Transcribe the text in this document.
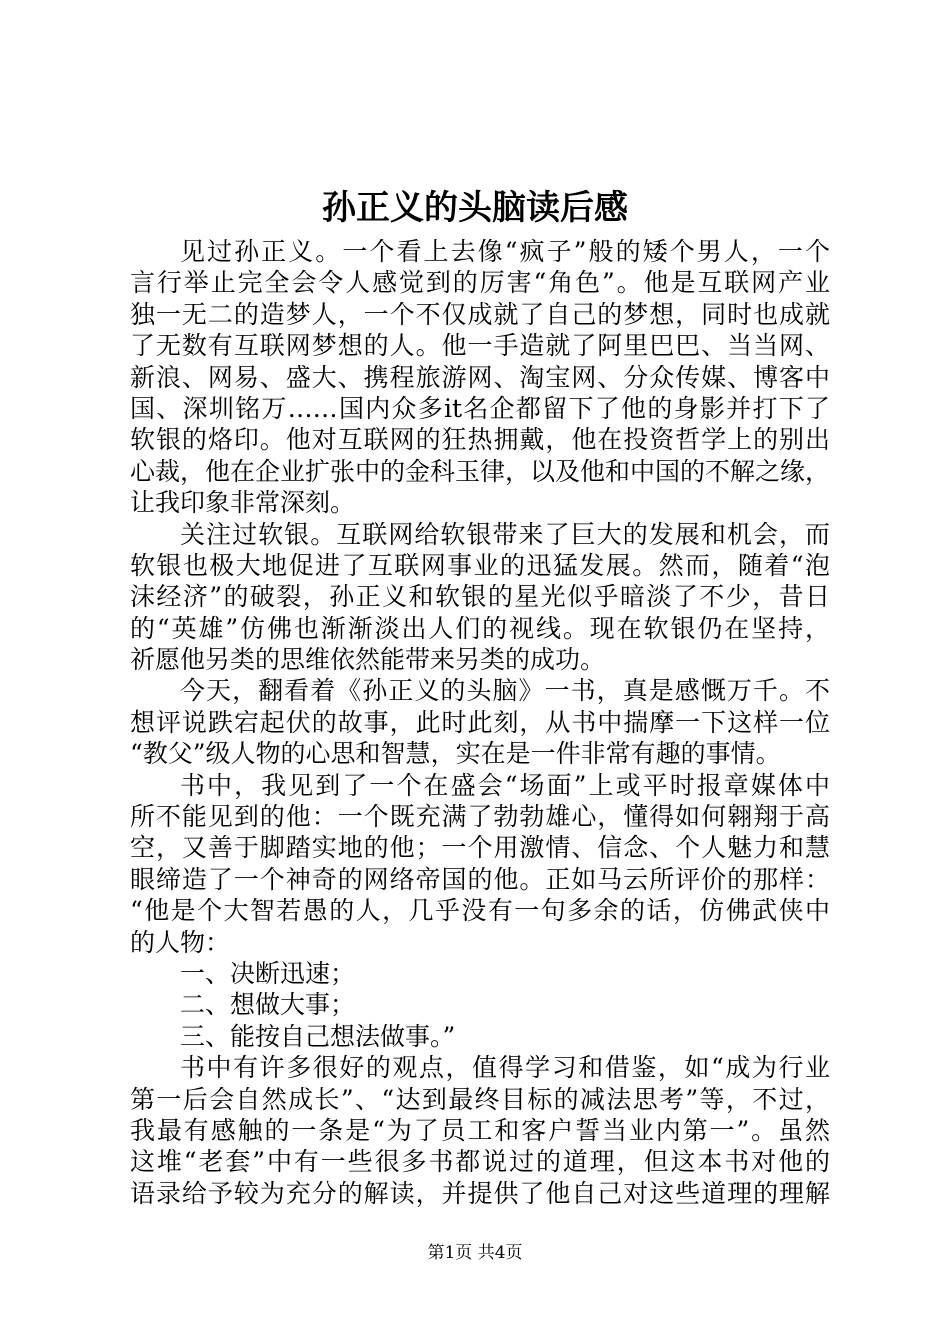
孙正义的头脑读后感
见过孙正义。一个看上去像“疯子”般的矮个男人，一个
言行举止完全会令人感觉到的厉害“角色”。他是互联网产业
独一无二的造梦人，一个不仅成就了自己的梦想，同时也成就
了无数有互联网梦想的人。他一手造就了阿里巴巴、当当网、
新浪、网易、盛大、携程旅游网、淘宝网、分众传媒、博客中
国、深圳铭万……国内众多it名企都留下了他的身影并打下了
软银的烙印。他对互联网的狂热拥戴，他在投资哲学上的别出
心裁，他在企业扩张中的金科玉律，以及他和中国的不解之缘，
让我印象非常深刻。
关注过软银。互联网给软银带来了巨大的发展和机会，而
软银也极大地促进了互联网事业的迅猛发展。然而，随着“泡
沫经济”的破裂，孙正义和软银的星光似乎暗淡了不少，昔日
的“英雄”仿佛也渐渐淡出人们的视线。现在软银仍在坚持，
祈愿他另类的思维依然能带来另类的成功。
今天，翻看着《孙正义的头脑》一书，真是感慨万千。不
想评说跌宕起伏的故事，此时此刻，从书中揣摩一下这样一位
“教父”级人物的心思和智慧，实在是一件非常有趣的事情。
书中，我见到了一个在盛会“场面”上或平时报章媒体中
所不能见到的他：一个既充满了勃勃雄心，懂得如何翱翔于高
空，又善于脚踏实地的他；一个用激情、信念、个人魅力和慧
眼缔造了一个神奇的网络帝国的他。正如马云所评价的那样：
“他是个大智若愚的人，几乎没有一句多余的话，仿佛武侠中
的人物：
一、决断迅速；
二、想做大事；
三、能按自己想法做事。”
书中有许多很好的观点，值得学习和借鉴，如“成为行业
第一后会自然成长”、“达到最终目标的减法思考”等，不过，
我最有感触的一条是“为了员工和客户誓当业内第一”。虽然
这堆“老套”中有一些很多书都说过的道理，但这本书对他的
语录给予较为充分的解读，并提供了他自己对这些道理的理解
第1页 共4页
